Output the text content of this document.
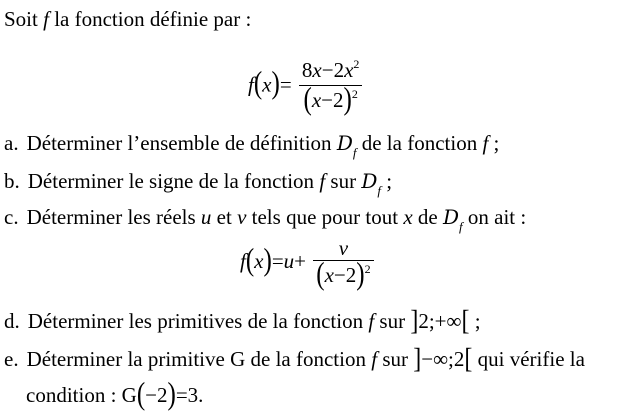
Soit f la fonction définie par :
$f(x)= \frac{8x-2x^2}{(x-2)^2}$
a. Déterminer l’ensemble de définition $D_f$ de la fonction f ;
b. Déterminer le signe de la fonction f sur $D_f$ ;
c. Déterminer les réels u et v tels que pour tout x de $D_f$ on ait :
$f(x)=u+ \frac{v}{(x-2)^2}$
d. Déterminer les primitives de la fonction f sur ]2;+∞[ ;
e. Déterminer la primitive G de la fonction f sur ]−∞;2[ qui vérifie la
condition : G(−2)=3.
